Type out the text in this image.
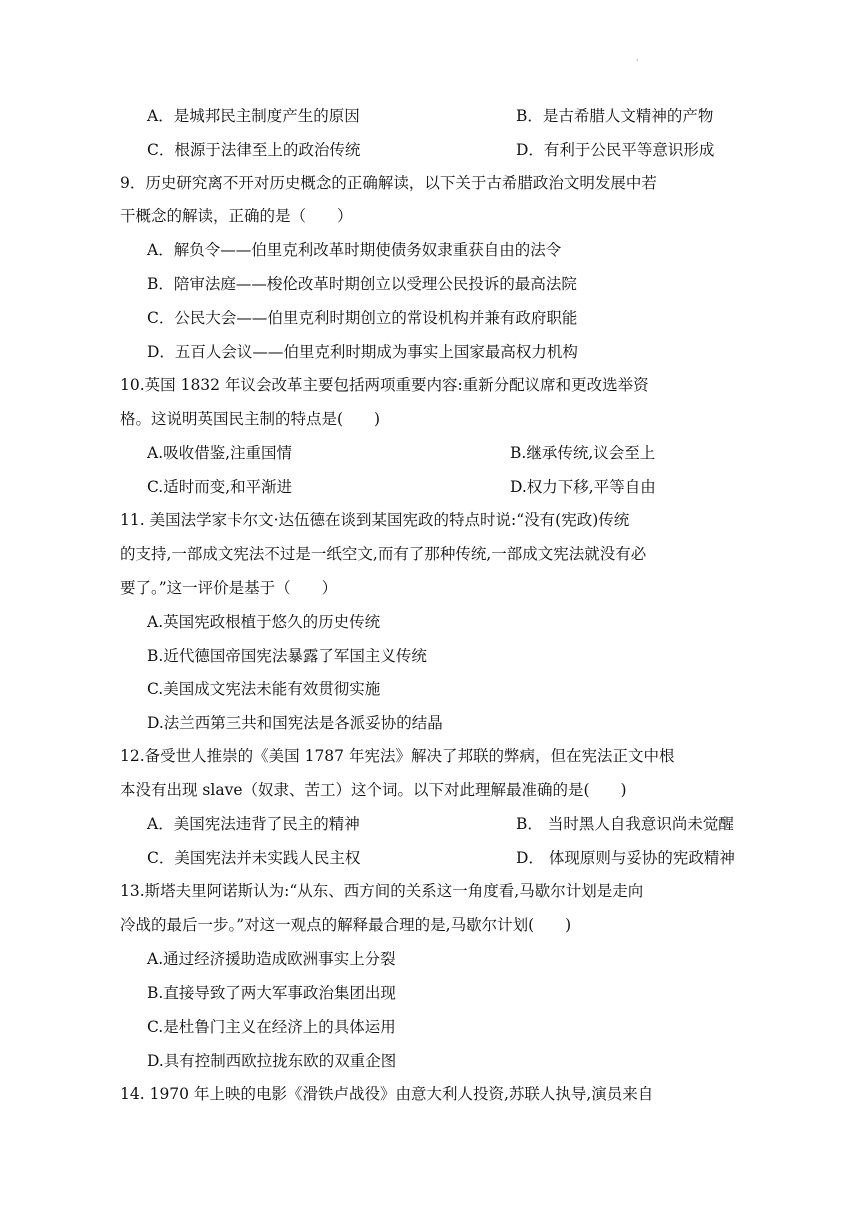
·
A．是城邦民主制度产生的原因	B．是古希腊人文精神的产物
C．根源于法律至上的政治传统	D．有利于公民平等意识形成
9．历史研究离不开对历史概念的正确解读，以下关于古希腊政治文明发展中若
干概念的解读，正确的是（　　）
A．解负令——伯里克利改革时期使债务奴隶重获自由的法令
B．陪审法庭——梭伦改革时期创立以受理公民投诉的最高法院
C．公民大会——伯里克利时期创立的常设机构并兼有政府职能
D．五百人会议——伯里克利时期成为事实上国家最高权力机构
10.英国 1832 年议会改革主要包括两项重要内容:重新分配议席和更改选举资
格。这说明英国民主制的特点是(　　)
A.吸收借鉴,注重国情	B.继承传统,议会至上
C.适时而变,和平渐进	D.权力下移,平等自由
11. 美国法学家卡尔文·达伍德在谈到某国宪政的特点时说:“没有(宪政)传统
的支持,一部成文宪法不过是一纸空文,而有了那种传统,一部成文宪法就没有必
要了。”这一评价是基于（　　）
A.英国宪政根植于悠久的历史传统
B.近代德国帝国宪法暴露了军国主义传统
C.美国成文宪法未能有效贯彻实施
D.法兰西第三共和国宪法是各派妥协的结晶
12.备受世人推崇的《美国 1787 年宪法》解决了邦联的弊病，但在宪法正文中根
本没有出现 slave（奴隶、苦工）这个词。以下对此理解最准确的是(　　)
A．美国宪法违背了民主的精神	B． 当时黑人自我意识尚未觉醒
C．美国宪法并未实践人民主权	D． 体现原则与妥协的宪政精神
13.斯塔夫里阿诺斯认为:“从东、西方间的关系这一角度看,马歇尔计划是走向
冷战的最后一步。”对这一观点的解释最合理的是,马歇尔计划(　　)
A.通过经济援助造成欧洲事实上分裂
B.直接导致了两大军事政治集团出现
C.是杜鲁门主义在经济上的具体运用
D.具有控制西欧拉拢东欧的双重企图
14. 1970 年上映的电影《滑铁卢战役》由意大利人投资,苏联人执导,演员来自
